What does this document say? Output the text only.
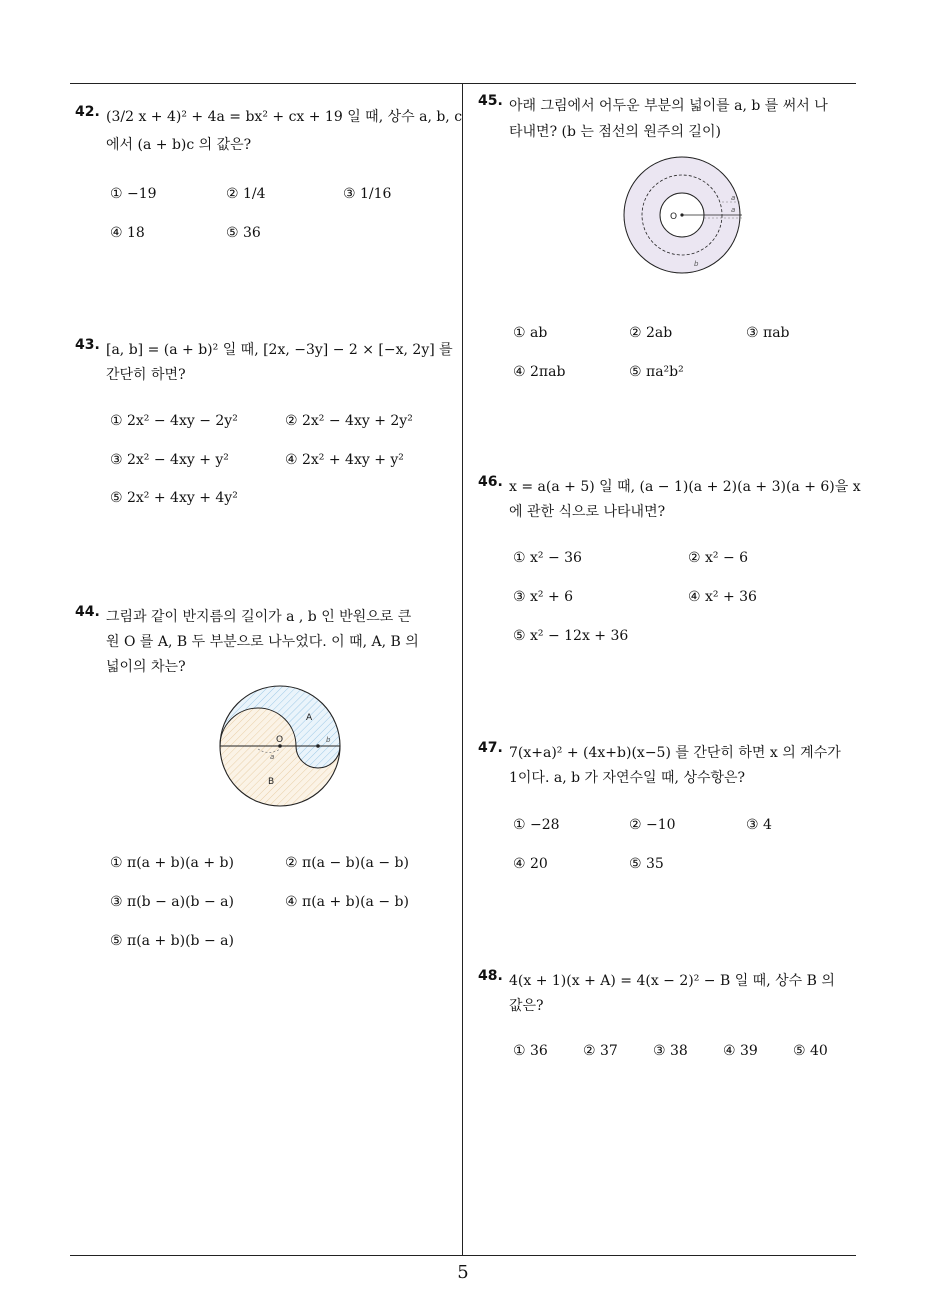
42. (3/2 x + 4)² + 4a = bx² + cx + 19 일 때, 상수 a, b, c
에서 (a + b)c 의 값은?
① −19	② 1/4	③ 1/16
④ 18	⑤ 36
43. [a, b] = (a + b)² 일 때, [2x, −3y] − 2 × [−x, 2y] 를
간단히 하면?
① 2x² − 4xy − 2y²	② 2x² − 4xy + 2y²
③ 2x² − 4xy + y²	④ 2x² + 4xy + y²
⑤ 2x² + 4xy + 4y²
44. 그림과 같이 반지름의 길이가 a , b 인 반원으로 큰
원 O 를 A, B 두 부분으로 나누었다. 이 때, A, B 의
넓이의 차는?
A
O
B
a
b
① π(a + b)(a + b)	② π(a − b)(a − b)
③ π(b − a)(b − a)	④ π(a + b)(a − b)
⑤ π(a + b)(b − a)
45. 아래 그림에서 어두운 부분의 넓이를 a, b 를 써서 나
타내면? (b 는 점선의 원주의 길이)
O
a
a
b
① ab	② 2ab	③ πab
④ 2πab	⑤ πa²b²
46. x = a(a + 5) 일 때, (a − 1)(a + 2)(a + 3)(a + 6)을 x
에 관한 식으로 나타내면?
① x² − 36	② x² − 6
③ x² + 6	④ x² + 36
⑤ x² − 12x + 36
47. 7(x+a)² + (4x+b)(x−5) 를 간단히 하면 x 의 계수가
1이다. a, b 가 자연수일 때, 상수항은?
① −28	② −10	③ 4
④ 20	⑤ 35
48. 4(x + 1)(x + A) = 4(x − 2)² − B 일 때, 상수 B 의
값은?
① 36	② 37	③ 38	④ 39	⑤ 40
5
